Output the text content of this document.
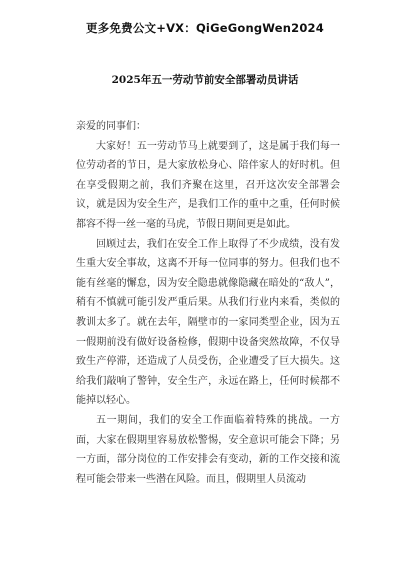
更多免费公文+VX：QiGeGongWen2024
2025年五一劳动节前安全部署动员讲话

亲爱的同事们：

大家好！五一劳动节马上就要到了，这是属于我们每一位劳动者的节日，是大家放松身心、陪伴家人的好时机。但在享受假期之前，我们齐聚在这里，召开这次安全部署会议，就是因为安全生产，是我们工作的重中之重，任何时候都容不得一丝一毫的马虎，节假日期间更是如此。

回顾过去，我们在安全工作上取得了不少成绩，没有发生重大安全事故，这离不开每一位同事的努力。但我们也不能有丝毫的懈怠，因为安全隐患就像隐藏在暗处的“敌人”，稍有不慎就可能引发严重后果。从我们行业内来看，类似的教训太多了。就在去年，隔壁市的一家同类型企业，因为五一假期前没有做好设备检修，假期中设备突然故障，不仅导致生产停滞，还造成了人员受伤，企业遭受了巨大损失。这给我们敲响了警钟，安全生产，永远在路上，任何时候都不能掉以轻心。

五一期间，我们的安全工作面临着特殊的挑战。一方面，大家在假期里容易放松警惕，安全意识可能会下降；另一方面，部分岗位的工作安排会有变动，新的工作交接和流程可能会带来一些潜在风险。而且，假期里人员流动
